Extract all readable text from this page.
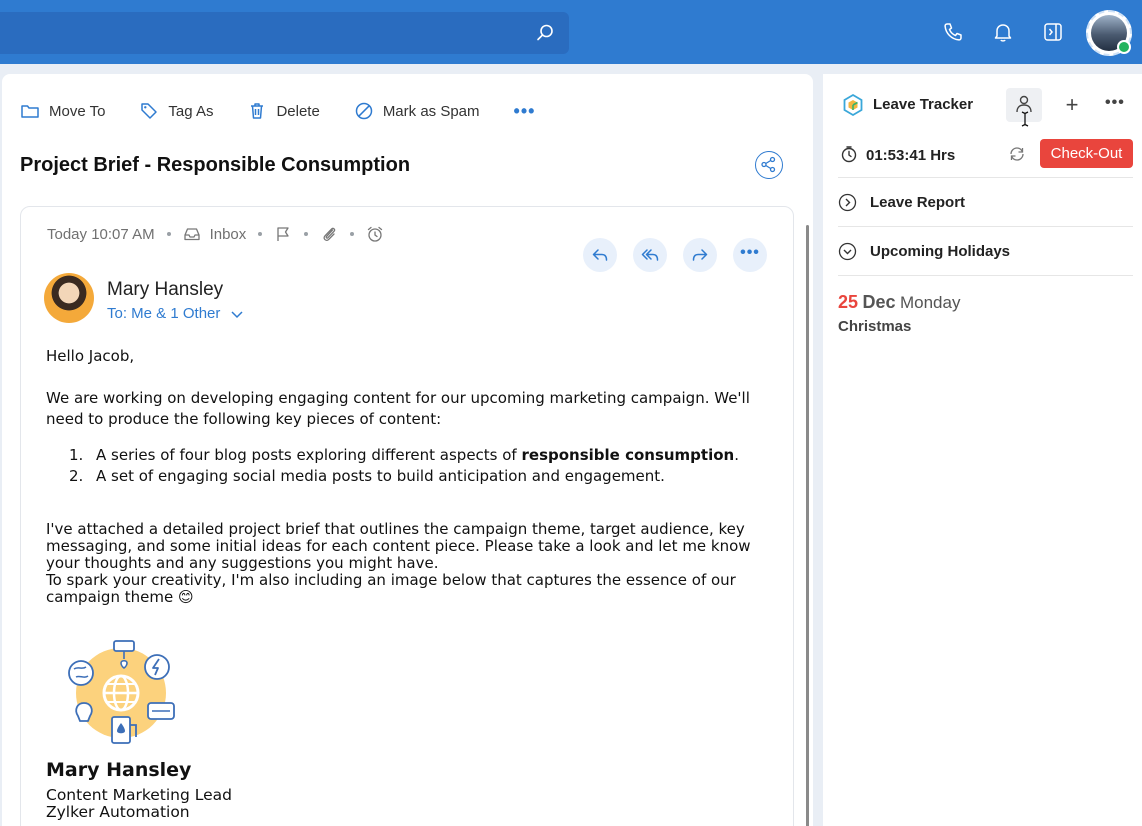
Move To	Tag As	Delete	Mark as Spam •••
Project Brief - Responsible Consumption
Today 10:07 AM	Inbox
•••
Mary Hansley
To: Me & 1 Other
Hello Jacob,
We are working on developing engaging content for our upcoming marketing campaign. We'll need to produce the following key pieces of content:
1. A series of four blog posts exploring different aspects of responsible consumption.
2. A set of engaging social media posts to build anticipation and engagement.
I've attached a detailed project brief that outlines the campaign theme, target audience, key messaging, and some initial ideas for each content piece. Please take a look and let me know your thoughts and any suggestions you might have.
To spark your creativity, I'm also including an image below that captures the essence of our campaign theme 😊
Mary Hansley
Content Marketing Lead
Zylker Automation
Leave Tracker	+ •••
01:53:41 Hrs	Check-Out
Leave Report
Upcoming Holidays
25 Dec Monday
Christmas
